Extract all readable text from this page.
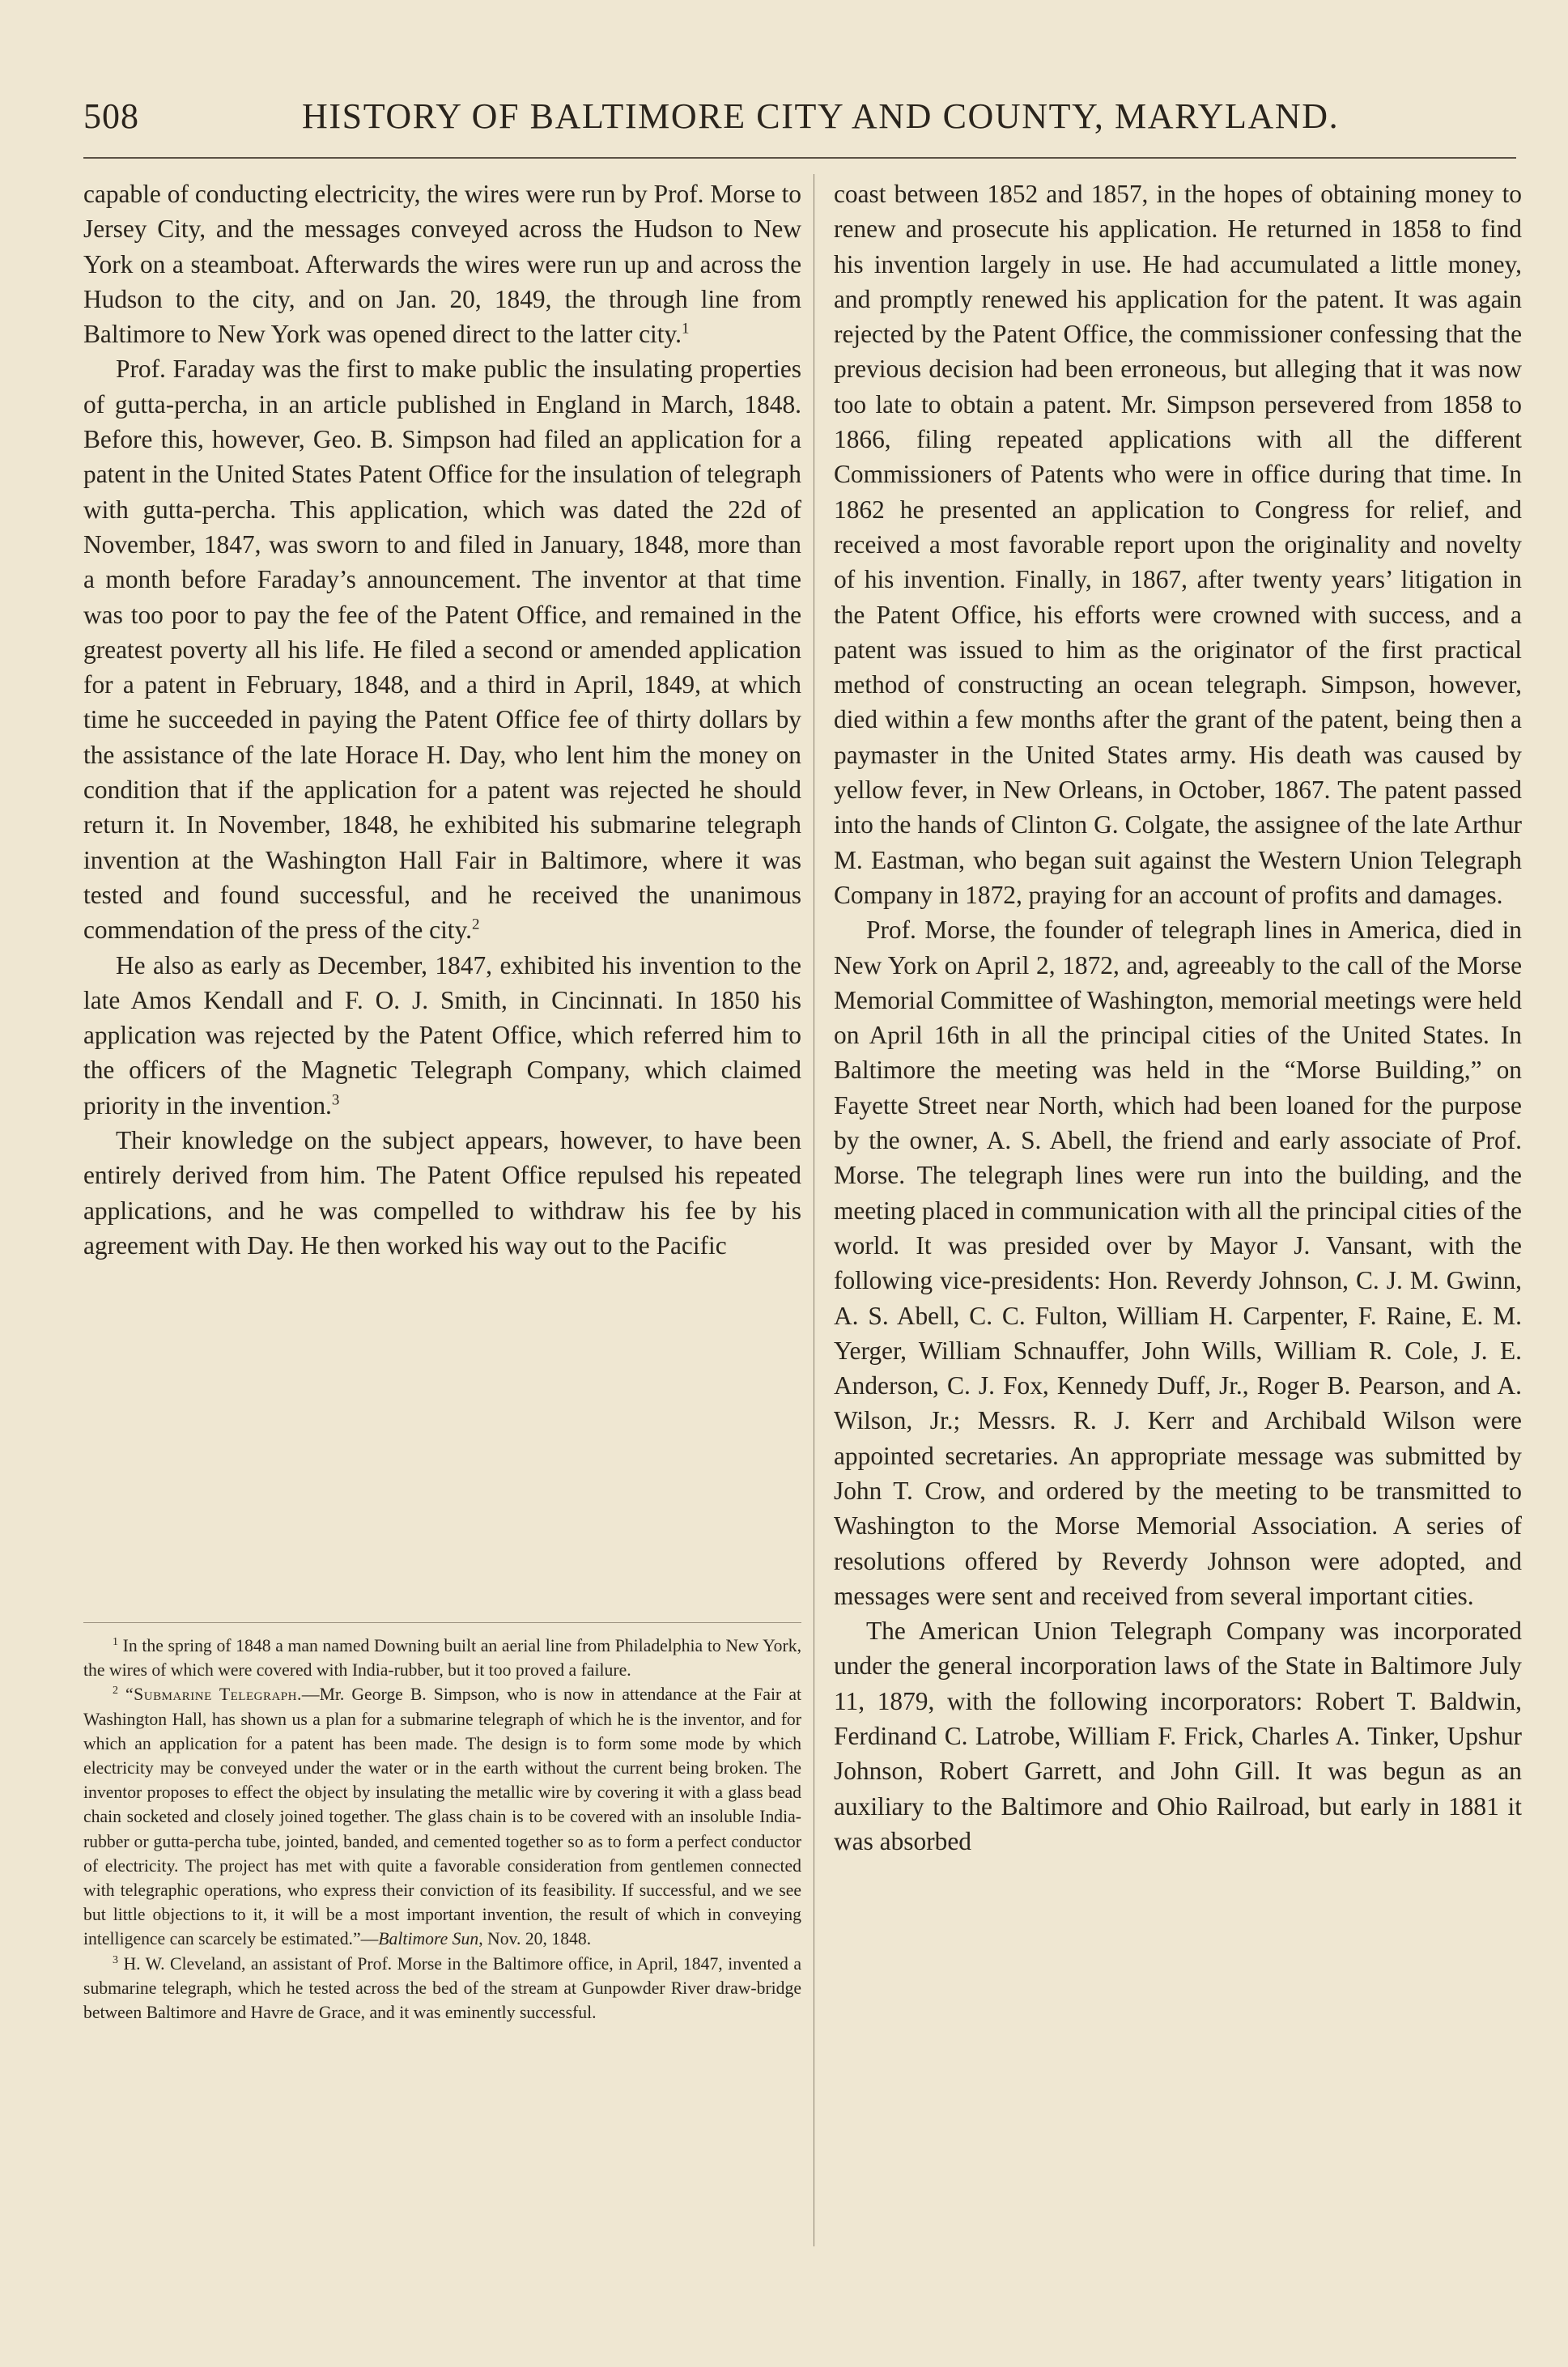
508	HISTORY OF BALTIMORE CITY AND COUNTY, MARYLAND.

capable of conducting electricity, the wires were run by Prof. Morse to Jersey City, and the messages conveyed across the Hudson to New York on a steamboat. Afterwards the wires were run up and across the Hudson to the city, and on Jan. 20, 1849, the through line from Baltimore to New York was opened direct to the latter city.$^1$

Prof. Faraday was the first to make public the insulating properties of gutta-percha, in an article published in England in March, 1848. Before this, however, Geo. B. Simpson had filed an application for a patent in the United States Patent Office for the insulation of telegraph with gutta-percha. This application, which was dated the 22d of November, 1847, was sworn to and filed in January, 1848, more than a month before Faraday’s announcement. The inventor at that time was too poor to pay the fee of the Patent Office, and remained in the greatest poverty all his life. He filed a second or amended application for a patent in February, 1848, and a third in April, 1849, at which time he succeeded in paying the Patent Office fee of thirty dollars by the assistance of the late Horace H. Day, who lent him the money on condition that if the application for a patent was rejected he should return it. In November, 1848, he exhibited his submarine telegraph invention at the Washington Hall Fair in Baltimore, where it was tested and found successful, and he received the unanimous commendation of the press of the city.$^2$

He also as early as December, 1847, exhibited his invention to the late Amos Kendall and F. O. J. Smith, in Cincinnati. In 1850 his application was rejected by the Patent Office, which referred him to the officers of the Magnetic Telegraph Company, which claimed priority in the invention.$^3$

Their knowledge on the subject appears, however, to have been entirely derived from him. The Patent Office repulsed his repeated applications, and he was compelled to withdraw his fee by his agreement with Day. He then worked his way out to the Pacific

$^1$ In the spring of 1848 a man named Downing built an aerial line from Philadelphia to New York, the wires of which were covered with India-rubber, but it too proved a failure.

$^2$ “Submarine Telegraph.—Mr. George B. Simpson, who is now in attendance at the Fair at Washington Hall, has shown us a plan for a submarine telegraph of which he is the inventor, and for which an application for a patent has been made. The design is to form some mode by which electricity may be conveyed under the water or in the earth without the current being broken. The inventor proposes to effect the object by insulating the metallic wire by covering it with a glass bead chain socketed and closely joined together. The glass chain is to be covered with an insoluble India-rubber or gutta-percha tube, jointed, banded, and cemented together so as to form a perfect conductor of electricity. The project has met with quite a favorable consideration from gentlemen connected with telegraphic operations, who express their conviction of its feasibility. If successful, and we see but little objections to it, it will be a most important invention, the result of which in conveying intelligence can scarcely be estimated.”—Baltimore Sun, Nov. 20, 1848.

$^3$ H. W. Cleveland, an assistant of Prof. Morse in the Baltimore office, in April, 1847, invented a submarine telegraph, which he tested across the bed of the stream at Gunpowder River draw-bridge between Baltimore and Havre de Grace, and it was eminently successful.

coast between 1852 and 1857, in the hopes of obtaining money to renew and prosecute his application. He returned in 1858 to find his invention largely in use. He had accumulated a little money, and promptly renewed his application for the patent. It was again rejected by the Patent Office, the commissioner confessing that the previous decision had been erroneous, but alleging that it was now too late to obtain a patent. Mr. Simpson persevered from 1858 to 1866, filing repeated applications with all the different Commissioners of Patents who were in office during that time. In 1862 he presented an application to Congress for relief, and received a most favorable report upon the originality and novelty of his invention. Finally, in 1867, after twenty years’ litigation in the Patent Office, his efforts were crowned with success, and a patent was issued to him as the originator of the first practical method of constructing an ocean telegraph. Simpson, however, died within a few months after the grant of the patent, being then a paymaster in the United States army. His death was caused by yellow fever, in New Orleans, in October, 1867. The patent passed into the hands of Clinton G. Colgate, the assignee of the late Arthur M. Eastman, who began suit against the Western Union Telegraph Company in 1872, praying for an account of profits and damages.

Prof. Morse, the founder of telegraph lines in America, died in New York on April 2, 1872, and, agreeably to the call of the Morse Memorial Committee of Washington, memorial meetings were held on April 16th in all the principal cities of the United States. In Baltimore the meeting was held in the “Morse Building,” on Fayette Street near North, which had been loaned for the purpose by the owner, A. S. Abell, the friend and early associate of Prof. Morse. The telegraph lines were run into the building, and the meeting placed in communication with all the principal cities of the world. It was presided over by Mayor J. Vansant, with the following vice-presidents: Hon. Reverdy Johnson, C. J. M. Gwinn, A. S. Abell, C. C. Fulton, William H. Carpenter, F. Raine, E. M. Yerger, William Schnauffer, John Wills, William R. Cole, J. E. Anderson, C. J. Fox, Kennedy Duff, Jr., Roger B. Pearson, and A. Wilson, Jr.; Messrs. R. J. Kerr and Archibald Wilson were appointed secretaries. An appropriate message was submitted by John T. Crow, and ordered by the meeting to be transmitted to Washington to the Morse Memorial Association. A series of resolutions offered by Reverdy Johnson were adopted, and messages were sent and received from several important cities.

The American Union Telegraph Company was incorporated under the general incorporation laws of the State in Baltimore July 11, 1879, with the following incorporators: Robert T. Baldwin, Ferdinand C. Latrobe, William F. Frick, Charles A. Tinker, Upshur Johnson, Robert Garrett, and John Gill. It was begun as an auxiliary to the Baltimore and Ohio Railroad, but early in 1881 it was absorbed
